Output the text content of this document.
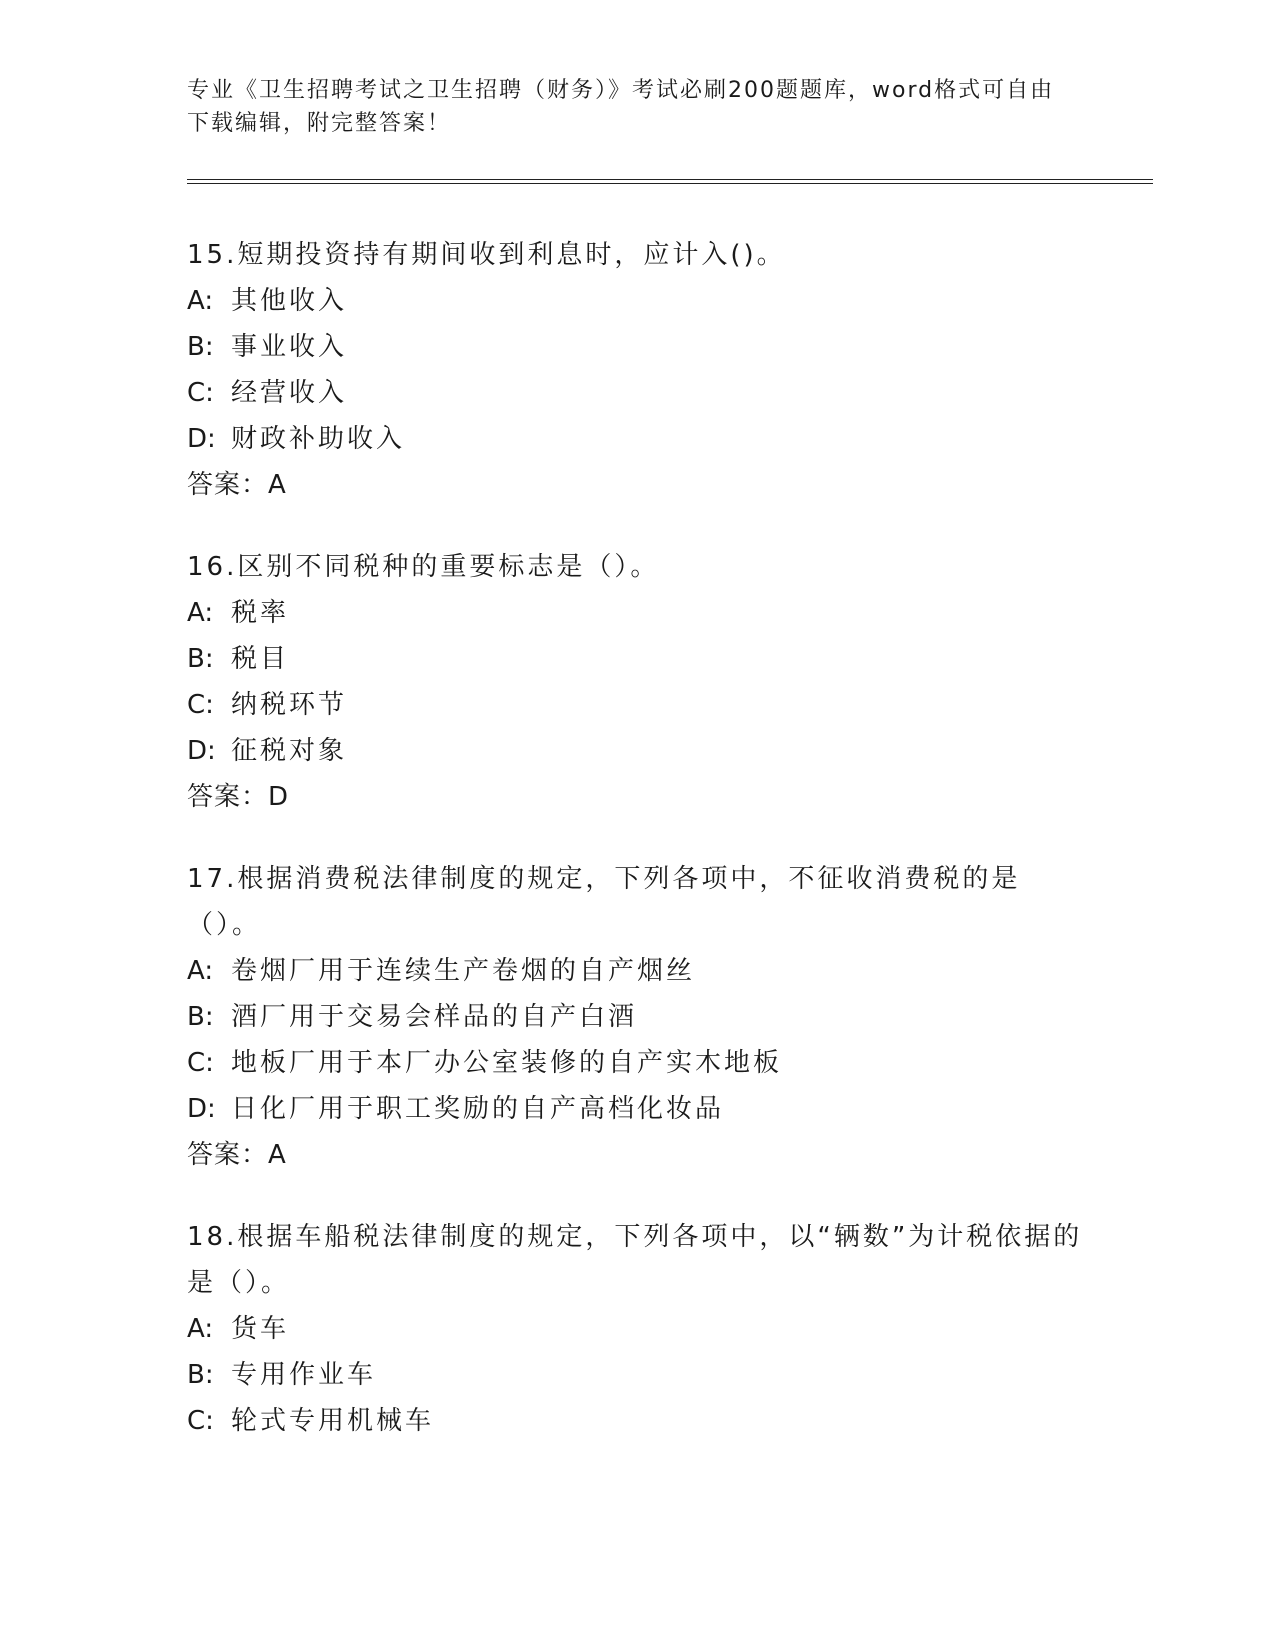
专业《卫生招聘考试之卫生招聘（财务）》考试必刷200题题库，word格式可自由下载编辑，附完整答案！
15.短期投资持有期间收到利息时，应计入()。
A: 其他收入
B: 事业收入
C: 经营收入
D: 财政补助收入
答案：A
16.区别不同税种的重要标志是（）。
A: 税率
B: 税目
C: 纳税环节
D: 征税对象
答案：D
17.根据消费税法律制度的规定，下列各项中，不征收消费税的是（）。
A: 卷烟厂用于连续生产卷烟的自产烟丝
B: 酒厂用于交易会样品的自产白酒
C: 地板厂用于本厂办公室装修的自产实木地板
D: 日化厂用于职工奖励的自产高档化妆品
答案：A
18.根据车船税法律制度的规定，下列各项中，以“辆数”为计税依据的是（）。
A: 货车
B: 专用作业车
C: 轮式专用机械车
